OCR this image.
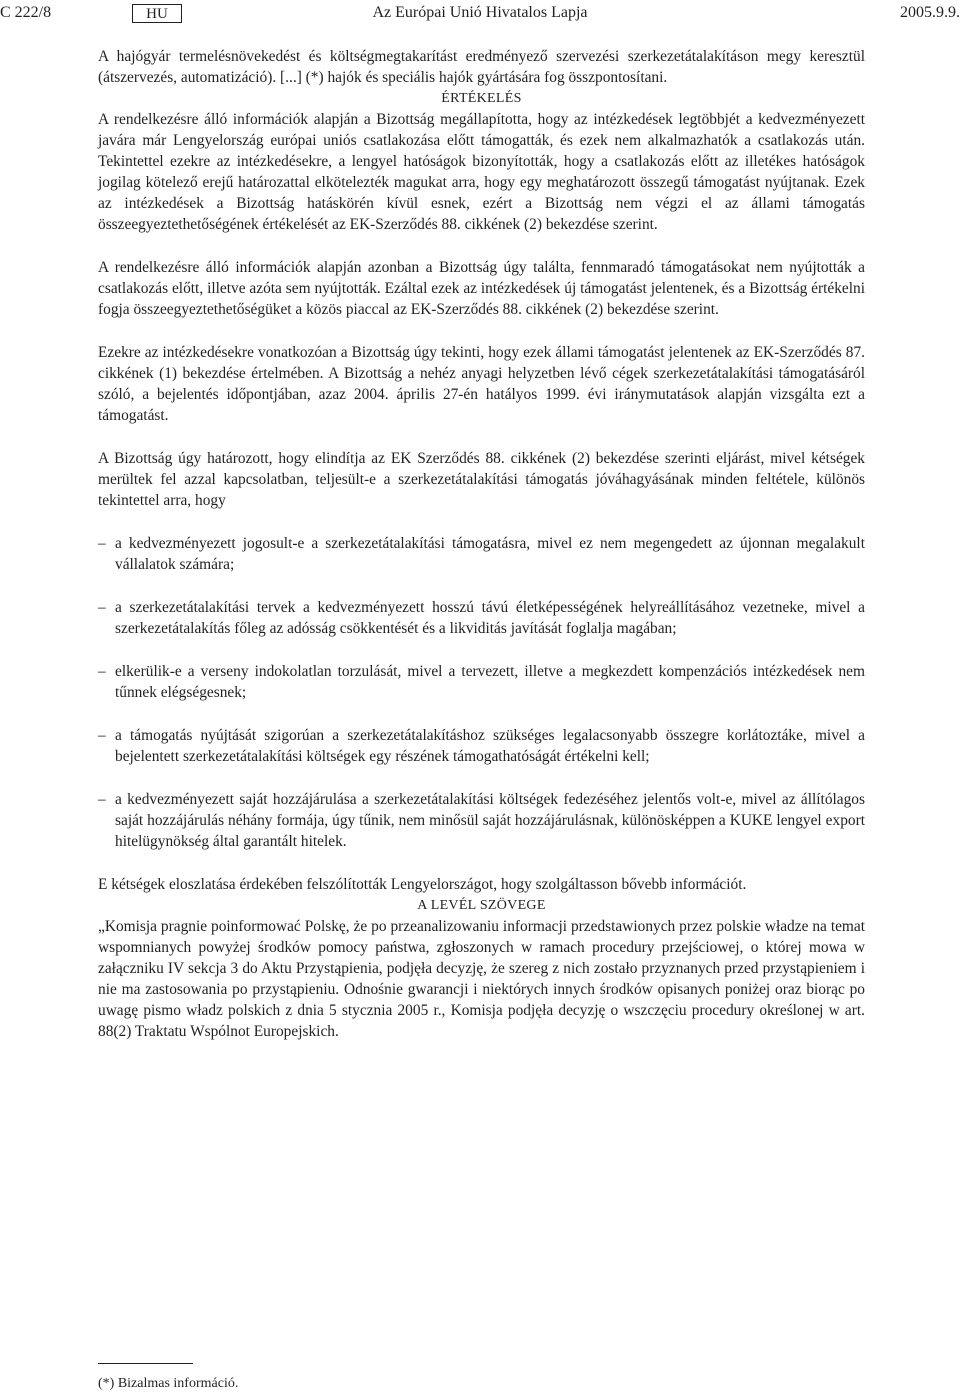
C 222/8	HU	Az Európai Unió Hivatalos Lapja	2005.9.9.

A hajógyár termelésnövekedést és költségmegtakarítást eredményező szervezési szerkezetátalakításon megy keresztül (átszervezés, automatizáció). [...] (*) hajók és speciális hajók gyártására fog összpontosítani.

ÉRTÉKELÉS

A rendelkezésre álló információk alapján a Bizottság megállapította, hogy az intézkedések legtöbbjét a kedvezményezett javára már Lengyelország európai uniós csatlakozása előtt támogatták, és ezek nem alkalmazhatók a csatlakozás után. Tekintettel ezekre az intézkedésekre, a lengyel hatóságok bizonyították, hogy a csatlakozás előtt az illetékes hatóságok jogilag kötelező erejű határozattal elkötelezték magukat arra, hogy egy meghatározott összegű támogatást nyújtanak. Ezek az intézkedések a Bizottság hatáskörén kívül esnek, ezért a Bizottság nem végzi el az állami támogatás összeegyeztethetőségének értékelését az EK-Szerződés 88. cikkének (2) bekezdése szerint.

A rendelkezésre álló információk alapján azonban a Bizottság úgy találta, fennmaradó támogatásokat nem nyújtották a csatlakozás előtt, illetve azóta sem nyújtották. Ezáltal ezek az intézkedések új támogatást jelentenek, és a Bizottság értékelni fogja összeegyeztethetőségüket a közös piaccal az EK-Szerződés 88. cikkének (2) bekezdése szerint.

Ezekre az intézkedésekre vonatkozóan a Bizottság úgy tekinti, hogy ezek állami támogatást jelentenek az EK-Szerződés 87. cikkének (1) bekezdése értelmében. A Bizottság a nehéz anyagi helyzetben lévő cégek szerkezetátalakítási támogatásáról szóló, a bejelentés időpontjában, azaz 2004. április 27-én hatályos 1999. évi iránymutatások alapján vizsgálta ezt a támogatást.

A Bizottság úgy határozott, hogy elindítja az EK Szerződés 88. cikkének (2) bekezdése szerinti eljárást, mivel kétségek merültek fel azzal kapcsolatban, teljesült-e a szerkezetátalakítási támogatás jóváhagyásának minden feltétele, különös tekintettel arra, hogy

– a kedvezményezett jogosult-e a szerkezetátalakítási támogatásra, mivel ez nem megengedett az újonnan megalakult vállalatok számára;
– a szerkezetátalakítási tervek a kedvezményezett hosszú távú életképességének helyreállításához vezetneke, mivel a szerkezetátalakítás főleg az adósság csökkentését és a likviditás javítását foglalja magában;
– elkerülik-e a verseny indokolatlan torzulását, mivel a tervezett, illetve a megkezdett kompenzációs intézkedések nem tűnnek elégségesnek;
– a támogatás nyújtását szigorúan a szerkezetátalakításhoz szükséges legalacsonyabb összegre korlátoztáke, mivel a bejelentett szerkezetátalakítási költségek egy részének támogathatóságát értékelni kell;
– a kedvezményezett saját hozzájárulása a szerkezetátalakítási költségek fedezéséhez jelentős volt-e, mivel az állítólagos saját hozzájárulás néhány formája, úgy tűnik, nem minősül saját hozzájárulásnak, különösképpen a KUKE lengyel export hitelügynökség által garantált hitelek.

E kétségek eloszlatása érdekében felszólították Lengyelországot, hogy szolgáltasson bővebb információt.

A LEVÉL SZÖVEGE

„Komisja pragnie poinformować Polskę, że po przeanalizowaniu informacji przedstawionych przez polskie władze na temat wspomnianych powyżej środków pomocy państwa, zgłoszonych w ramach procedury przejściowej, o której mowa w załączniku IV sekcja 3 do Aktu Przystąpienia, podjęła decyzję, że szereg z nich zostało przyznanych przed przystąpieniem i nie ma zastosowania po przystąpieniu. Odnośnie gwarancji i niektórych innych środków opisanych poniżej oraz biorąc po uwagę pismo władz polskich z dnia 5 stycznia 2005 r., Komisja podjęła decyzję o wszczęciu procedury określonej w art. 88(2) Traktatu Wspólnot Europejskich.

(*) Bizalmas információ.
